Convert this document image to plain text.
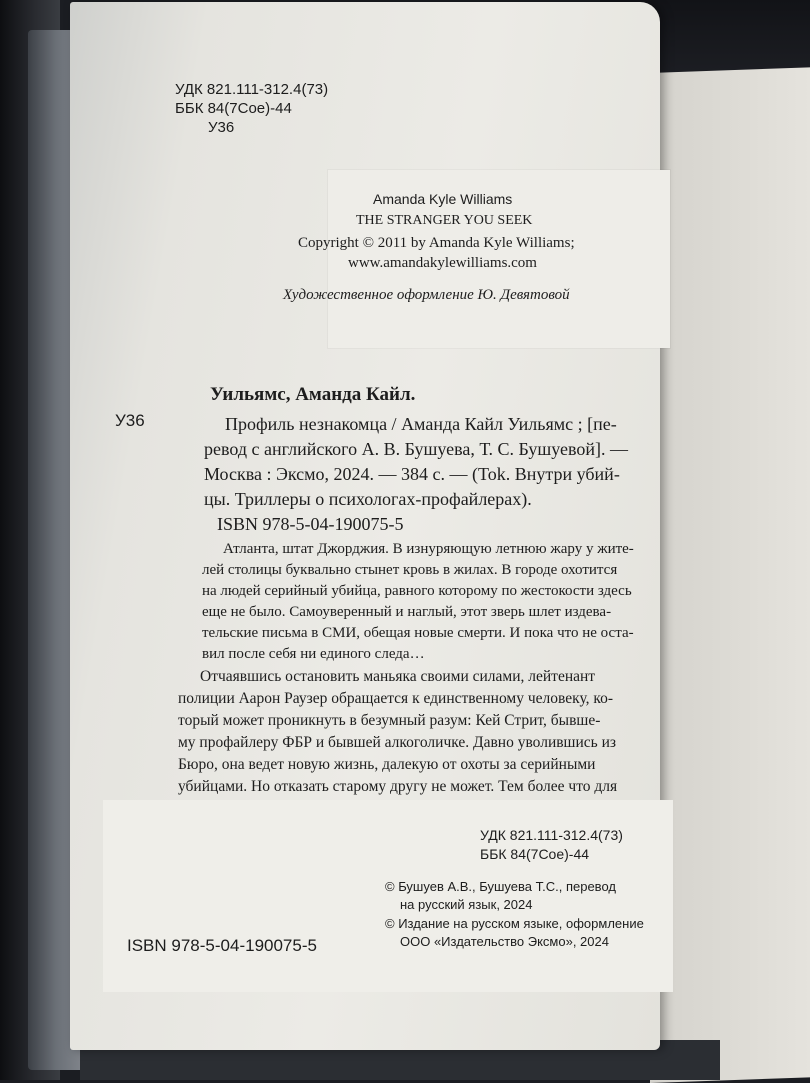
УДК 821.111-312.4(73)
ББК 84(7Сое)-44
У36
Amanda Kyle Williams
THE STRANGER YOU SEEK
Copyright © 2011 by Amanda Kyle Williams;
www.amandakylewilliams.com
Художественное оформление Ю. Девятовой
Уильямс, Аманда Кайл.
У36	Профиль незнакомца / Аманда Кайл Уильямс ; [пе-
ревод с английского А. В. Бушуева, Т. С. Бушуевой]. —
Москва : Эксмо, 2024. — 384 с. — (Tok. Внутри убий-
цы. Триллеры о психологах-профайлерах).
ISBN 978-5-04-190075-5
Атланта, штат Джорджия. В изнуряющую летнюю жару у жите-
лей столицы буквально стынет кровь в жилах. В городе охотится
на людей серийный убийца, равного которому по жестокости здесь
еще не было. Самоуверенный и наглый, этот зверь шлет издева-
тельские письма в СМИ, обещая новые смерти. И пока что не оста-
вил после себя ни единого следа…
Отчаявшись остановить маньяка своими силами, лейтенант
полиции Аарон Раузер обращается к единственному человеку, ко-
торый может проникнуть в безумный разум: Кей Стрит, бывше-
му профайлеру ФБР и бывшей алкоголичке. Давно уволившись из
Бюро, она ведет новую жизнь, далекую от охоты за серийными
убийцами. Но отказать старому другу не может. Тем более что для
УДК 821.111-312.4(73)
ББК 84(7Сое)-44
© Бушуев А.В., Бушуева Т.С., перевод
на русский язык, 2024
© Издание на русском языке, оформление
ООО «Издательство Эксмо», 2024
ISBN 978-5-04-190075-5
